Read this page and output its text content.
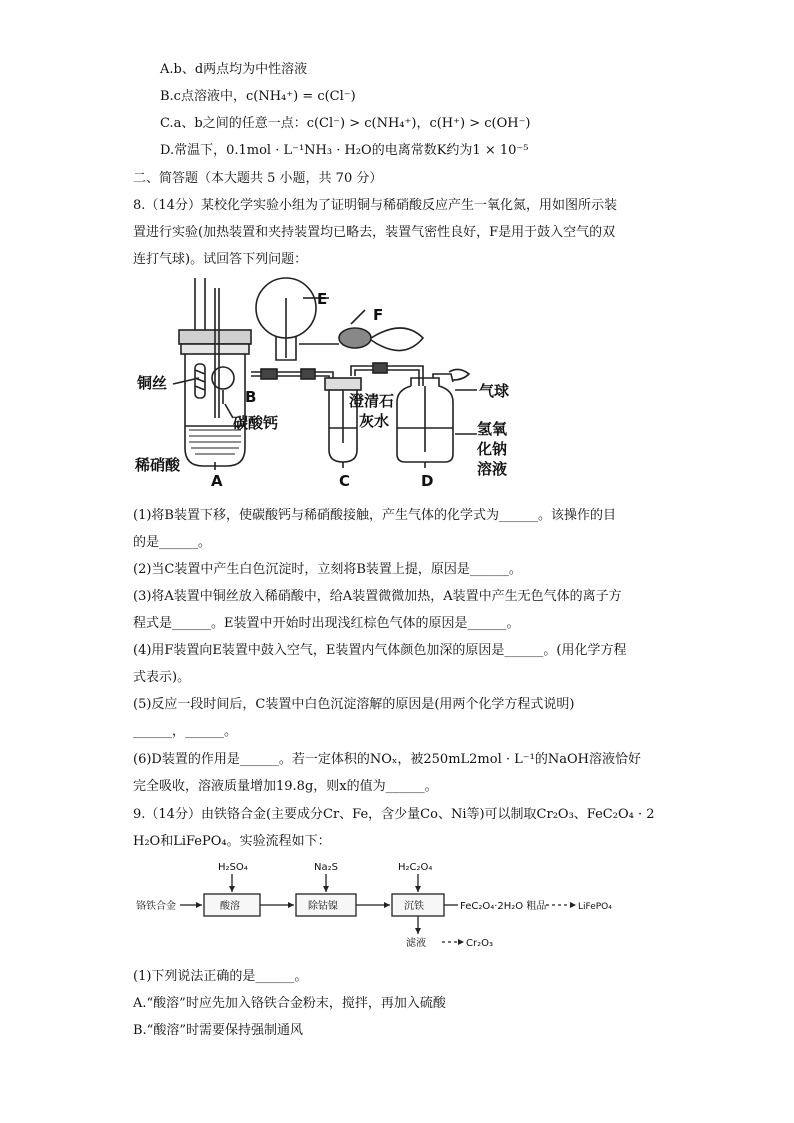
A.b、d两点均为中性溶液
B.c点溶液中，c(NH₄⁺) = c(Cl⁻)
C.a、b之间的任意一点：c(Cl⁻) > c(NH₄⁺)，c(H⁺) > c(OH⁻)
D.常温下，0.1mol · L⁻¹NH₃ · H₂O的电离常数K约为1 × 10⁻⁵
二、简答题（本大题共 5 小题，共 70 分）
8.（14分）某校化学实验小组为了证明铜与稀硝酸反应产生一氧化氮，用如图所示装
置进行实验(加热装置和夹持装置均已略去，装置气密性良好，F是用于鼓入空气的双
连打气球)。试回答下列问题：
E
F
B
A	C	D
铜丝
碳酸钙
稀硝酸
澄清石
灰水
气球
氢氧
化钠
溶液
(1)将B装置下移，使碳酸钙与稀硝酸接触，产生气体的化学式为______。该操作的目
的是______。
(2)当C装置中产生白色沉淀时，立刻将B装置上提，原因是______。
(3)将A装置中铜丝放入稀硝酸中，给A装置微微加热，A装置中产生无色气体的离子方
程式是______。E装置中开始时出现浅红棕色气体的原因是______。
(4)用F装置向E装置中鼓入空气，E装置内气体颜色加深的原因是______。(用化学方程
式表示)。
(5)反应一段时间后，C装置中白色沉淀溶解的原因是(用两个化学方程式说明)
______，______。
(6)D装置的作用是______。若一定体积的NOₓ，被250mL2mol · L⁻¹的NaOH溶液恰好
完全吸收，溶液质量增加19.8g，则x的值为______。
9.（14分）由铁铬合金(主要成分Cr、Fe，含少量Co、Ni等)可以制取Cr₂O₃、FeC₂O₄ · 2
H₂O和LiFePO₄。实验流程如下：
铬铁合金
H₂SO₄
酸溶
Na₂S
除钴镍
H₂C₂O₄
沉铁	FeC₂O₄·2H₂O 粗品	LiFePO₄
滤液	Cr₂O₃
(1)下列说法正确的是______。
A.“酸溶”时应先加入铬铁合金粉末，搅拌，再加入硫酸
B.“酸溶”时需要保持强制通风
